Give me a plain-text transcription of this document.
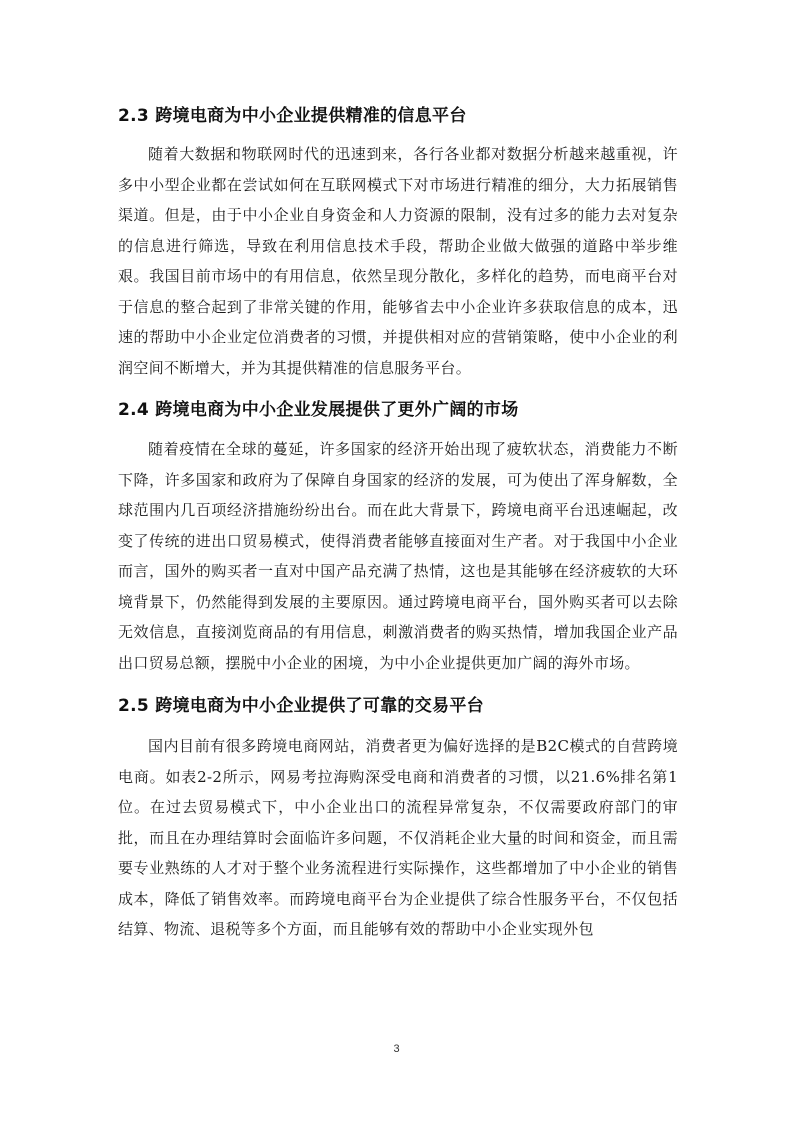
2.3 跨境电商为中小企业提供精准的信息平台

随着大数据和物联网时代的迅速到来，各行各业都对数据分析越来越重视，许多中小型企业都在尝试如何在互联网模式下对市场进行精准的细分，大力拓展销售渠道。但是，由于中小企业自身资金和人力资源的限制，没有过多的能力去对复杂的信息进行筛选，导致在利用信息技术手段，帮助企业做大做强的道路中举步维艰。我国目前市场中的有用信息，依然呈现分散化，多样化的趋势，而电商平台对于信息的整合起到了非常关键的作用，能够省去中小企业许多获取信息的成本，迅速的帮助中小企业定位消费者的习惯，并提供相对应的营销策略，使中小企业的利润空间不断增大，并为其提供精准的信息服务平台。

2.4 跨境电商为中小企业发展提供了更外广阔的市场

随着疫情在全球的蔓延，许多国家的经济开始出现了疲软状态，消费能力不断下降，许多国家和政府为了保障自身国家的经济的发展，可为使出了浑身解数，全球范围内几百项经济措施纷纷出台。而在此大背景下，跨境电商平台迅速崛起，改变了传统的进出口贸易模式，使得消费者能够直接面对生产者。对于我国中小企业而言，国外的购买者一直对中国产品充满了热情，这也是其能够在经济疲软的大环境背景下，仍然能得到发展的主要原因。通过跨境电商平台，国外购买者可以去除无效信息，直接浏览商品的有用信息，刺激消费者的购买热情，增加我国企业产品出口贸易总额，摆脱中小企业的困境，为中小企业提供更加广阔的海外市场。

2.5 跨境电商为中小企业提供了可靠的交易平台

国内目前有很多跨境电商网站，消费者更为偏好选择的是B2C模式的自营跨境电商。如表2-2所示，网易考拉海购深受电商和消费者的习惯，以21.6%排名第1位。在过去贸易模式下，中小企业出口的流程异常复杂，不仅需要政府部门的审批，而且在办理结算时会面临许多问题，不仅消耗企业大量的时间和资金，而且需要专业熟练的人才对于整个业务流程进行实际操作，这些都增加了中小企业的销售成本，降低了销售效率。而跨境电商平台为企业提供了综合性服务平台，不仅包括结算、物流、退税等多个方面，而且能够有效的帮助中小企业实现外包

3
